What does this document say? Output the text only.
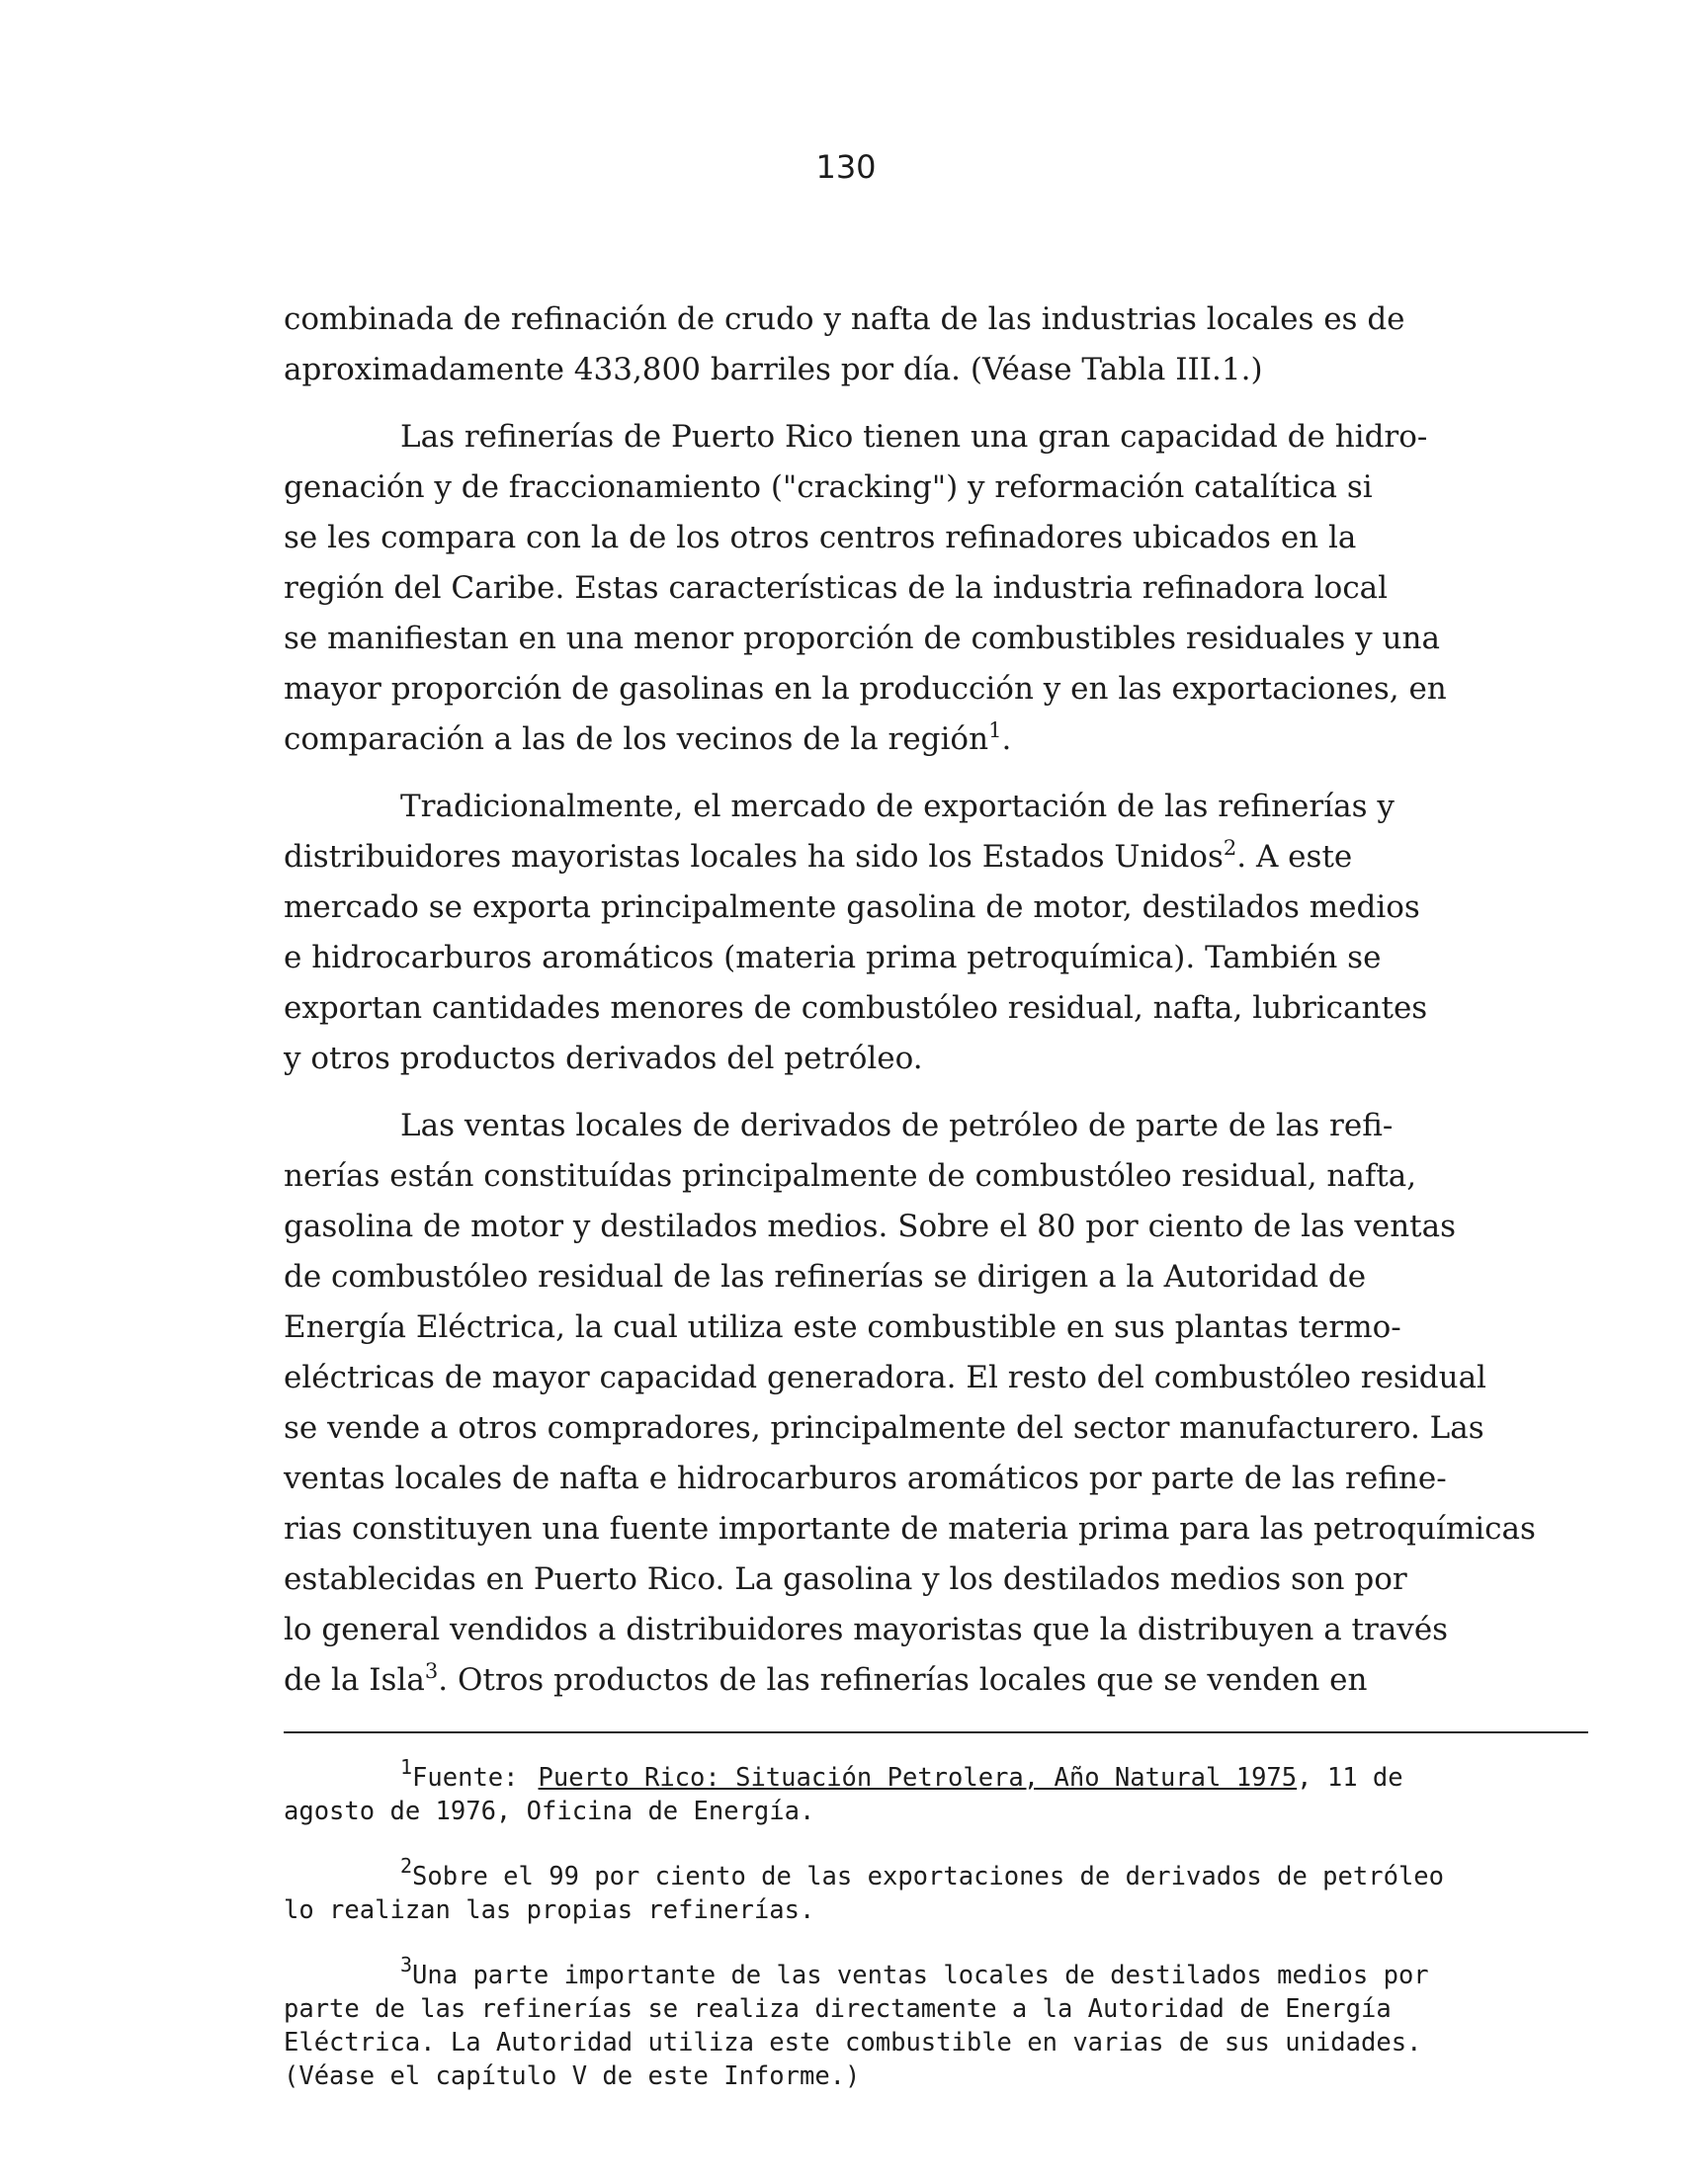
130
combinada de refinación de crudo y nafta de las industrias locales es de
aproximadamente 433,800 barriles por día. (Véase Tabla III.1.)
Las refinerías de Puerto Rico tienen una gran capacidad de hidro-
genación y de fraccionamiento ("cracking") y reformación catalítica si
se les compara con la de los otros centros refinadores ubicados en la
región del Caribe. Estas características de la industria refinadora local
se manifiestan en una menor proporción de combustibles residuales y una
mayor proporción de gasolinas en la producción y en las exportaciones, en
comparación a las de los vecinos de la región$^1$.
Tradicionalmente, el mercado de exportación de las refinerías y
distribuidores mayoristas locales ha sido los Estados Unidos$^2$. A este
mercado se exporta principalmente gasolina de motor, destilados medios
e hidrocarburos aromáticos (materia prima petroquímica). También se
exportan cantidades menores de combustóleo residual, nafta, lubricantes
y otros productos derivados del petróleo.
Las ventas locales de derivados de petróleo de parte de las refi-
nerías están constituídas principalmente de combustóleo residual, nafta,
gasolina de motor y destilados medios. Sobre el 80 por ciento de las ventas
de combustóleo residual de las refinerías se dirigen a la Autoridad de
Energía Eléctrica, la cual utiliza este combustible en sus plantas termo-
eléctricas de mayor capacidad generadora. El resto del combustóleo residual
se vende a otros compradores, principalmente del sector manufacturero. Las
ventas locales de nafta e hidrocarburos aromáticos por parte de las refine-
rias constituyen una fuente importante de materia prima para las petroquímicas
establecidas en Puerto Rico. La gasolina y los destilados medios son por
lo general vendidos a distribuidores mayoristas que la distribuyen a través
de la Isla$^3$. Otros productos de las refinerías locales que se venden en
$^1$Fuente: Puerto Rico: Situación Petrolera, Año Natural 1975, 11 de
agosto de 1976, Oficina de Energía.
$^2$Sobre el 99 por ciento de las exportaciones de derivados de petróleo
lo realizan las propias refinerías.
$^3$Una parte importante de las ventas locales de destilados medios por
parte de las refinerías se realiza directamente a la Autoridad de Energía
Eléctrica. La Autoridad utiliza este combustible en varias de sus unidades.
(Véase el capítulo V de este Informe.)
